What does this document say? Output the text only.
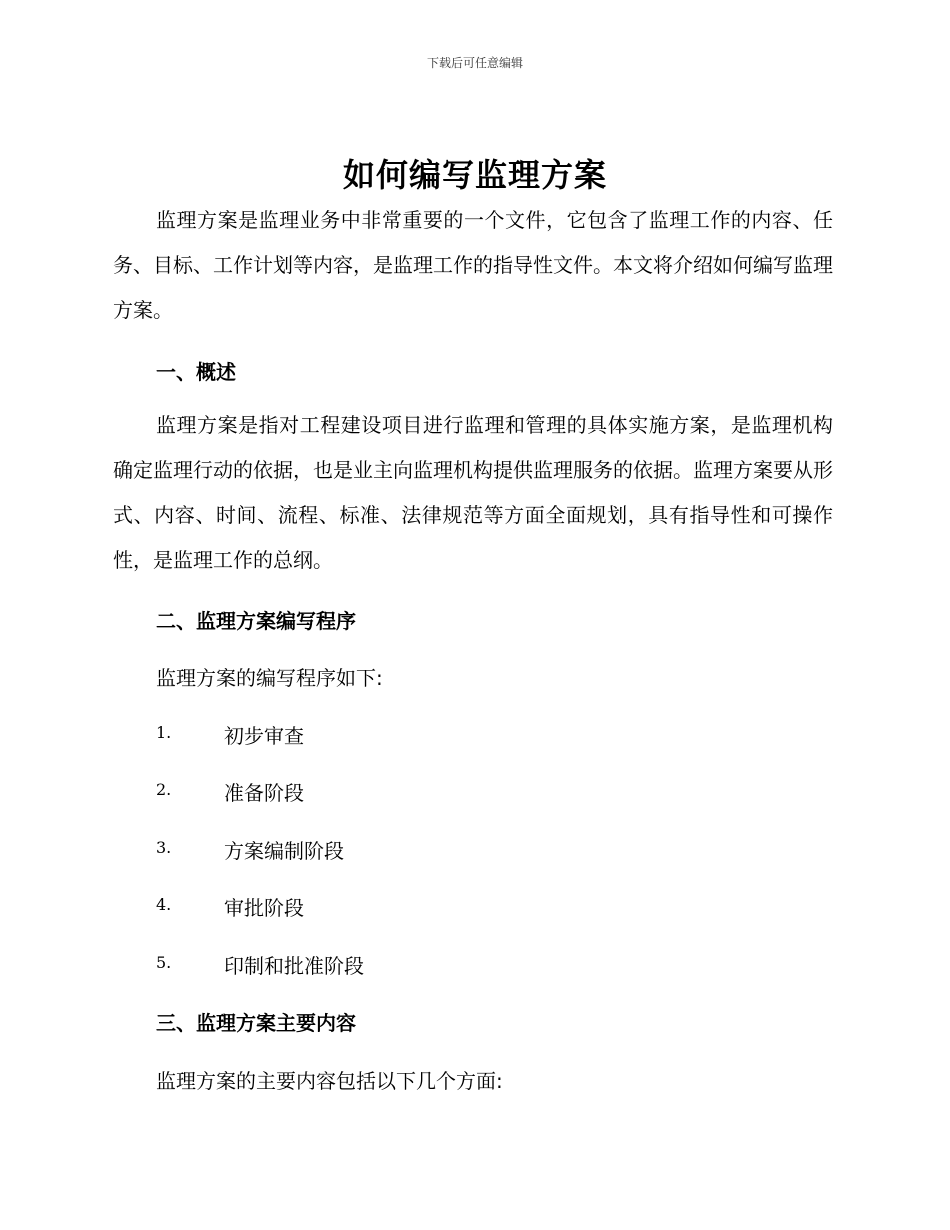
下载后可任意编辑
如何编写监理方案
监理方案是监理业务中非常重要的一个文件，它包含了监理工作的内容、任务、目标、工作计划等内容，是监理工作的指导性文件。本文将介绍如何编写监理方案。
一、概述
监理方案是指对工程建设项目进行监理和管理的具体实施方案，是监理机构确定监理行动的依据，也是业主向监理机构提供监理服务的依据。监理方案要从形式、内容、时间、流程、标准、法律规范等方面全面规划，具有指导性和可操作性，是监理工作的总纲。
二、监理方案编写程序
监理方案的编写程序如下:
1.	初步审查
2.	准备阶段
3.	方案编制阶段
4.	审批阶段
5.	印制和批准阶段
三、监理方案主要内容
监理方案的主要内容包括以下几个方面:
